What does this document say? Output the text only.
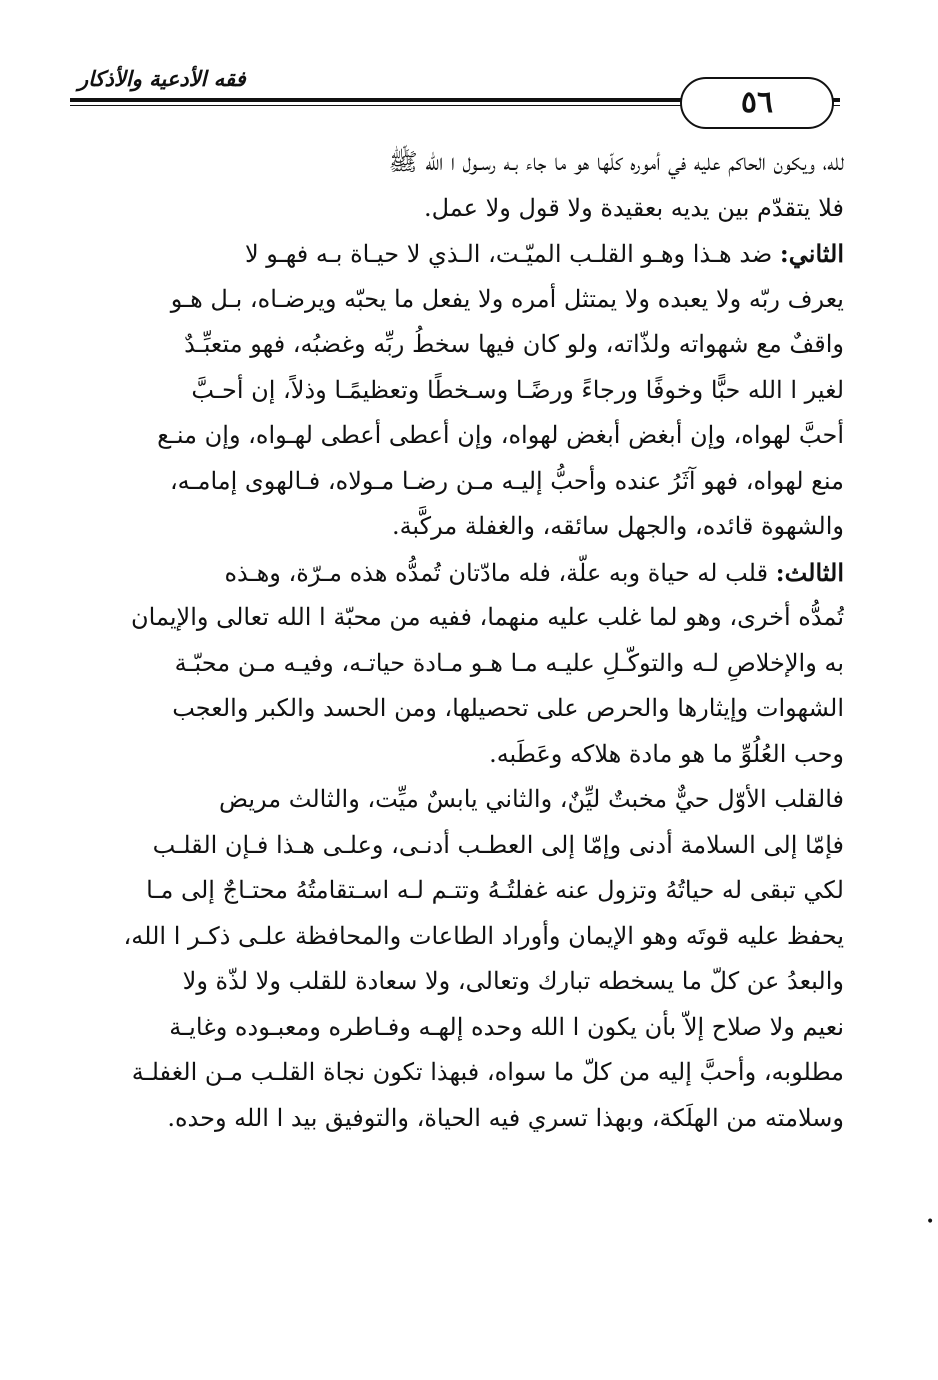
فقه الأدعية والأذكار
٥٦
لله، ويكون الحاكم عليه في أموره كلّها هو ما جاء بـه رسـول ا الله ﷺ
فلا يتقدّم بين يديه بعقيدة ولا قول ولا عمل.
الثاني: ضد هـذا وهـو القلـب الميّـت، الـذي لا حيـاة بـه فهـو لا
يعرف ربّه ولا يعبده ولا يمتثل أمره ولا يفعل ما يحبّه ويرضـاه، بـل هـو
واقفٌ مع شهواته ولذّاته، ولو كان فيها سخطُ ربِّه وغضبُه، فهو متعبِّـدٌ
لغير ا الله حبًّا وخوفًا ورجاءً ورضًـا وسـخطًا وتعظيمًـا وذلاً، إن أحـبَّ
أحبَّ لهواه، وإن أبغض أبغض لهواه، وإن أعطى أعطى لهـواه، وإن منـع
منع لهواه، فهو آثَرُ عنده وأحبُّ إليـه مـن رضـا مـولاه، فـالهوى إمامـه،
والشهوة قائده، والجهل سائقه، والغفلة مركَّبة.
الثالث: قلب له حياة وبه علّة، فله مادّتان تُمدُّه هذه مـرّة، وهـذه
تُمدُّه أخرى، وهو لما غلب عليه منهما، ففيه من محبّة ا الله تعالى والإيمان
به والإخلاصِ لـه والتوكّـلِ عليـه مـا هـو مـادة حياتـه، وفيـه مـن محبّـة
الشهوات وإيثارها والحرص على تحصيلها، ومن الحسد والكبر والعجب
وحب العُلُوِّ ما هو مادة هلاكه وعَطَبه.
فالقلب الأوّل حيٌّ مخبتٌ ليِّنٌ، والثاني يابسٌ ميِّت، والثالث مريض
فإمّا إلى السلامة أدنى وإمّا إلى العطـب أدنـى، وعلـى هـذا فـإن القلـب
لكي تبقى له حياتُهُ وتزول عنه غفلتُـهُ وتتـم لـه اسـتقامتُهُ محتـاجٌ إلى مـا
يحفظ عليه قوتَه وهو الإيمان وأوراد الطاعات والمحافظة علـى ذكـر ا الله،
والبعدُ عن كلّ ما يسخطه تبارك وتعالى، ولا سعادة للقلب ولا لذّة ولا
نعيم ولا صلاح إلاّ بأن يكون ا الله وحده إلهـه وفـاطره ومعبـوده وغايـة
مطلوبه، وأحبَّ إليه من كلّ ما سواه، فبهذا تكون نجاة القلـب مـن الغفلـة
وسلامته من الهلَكة، وبهذا تسري فيه الحياة، والتوفيق بيد ا الله وحده.
•
